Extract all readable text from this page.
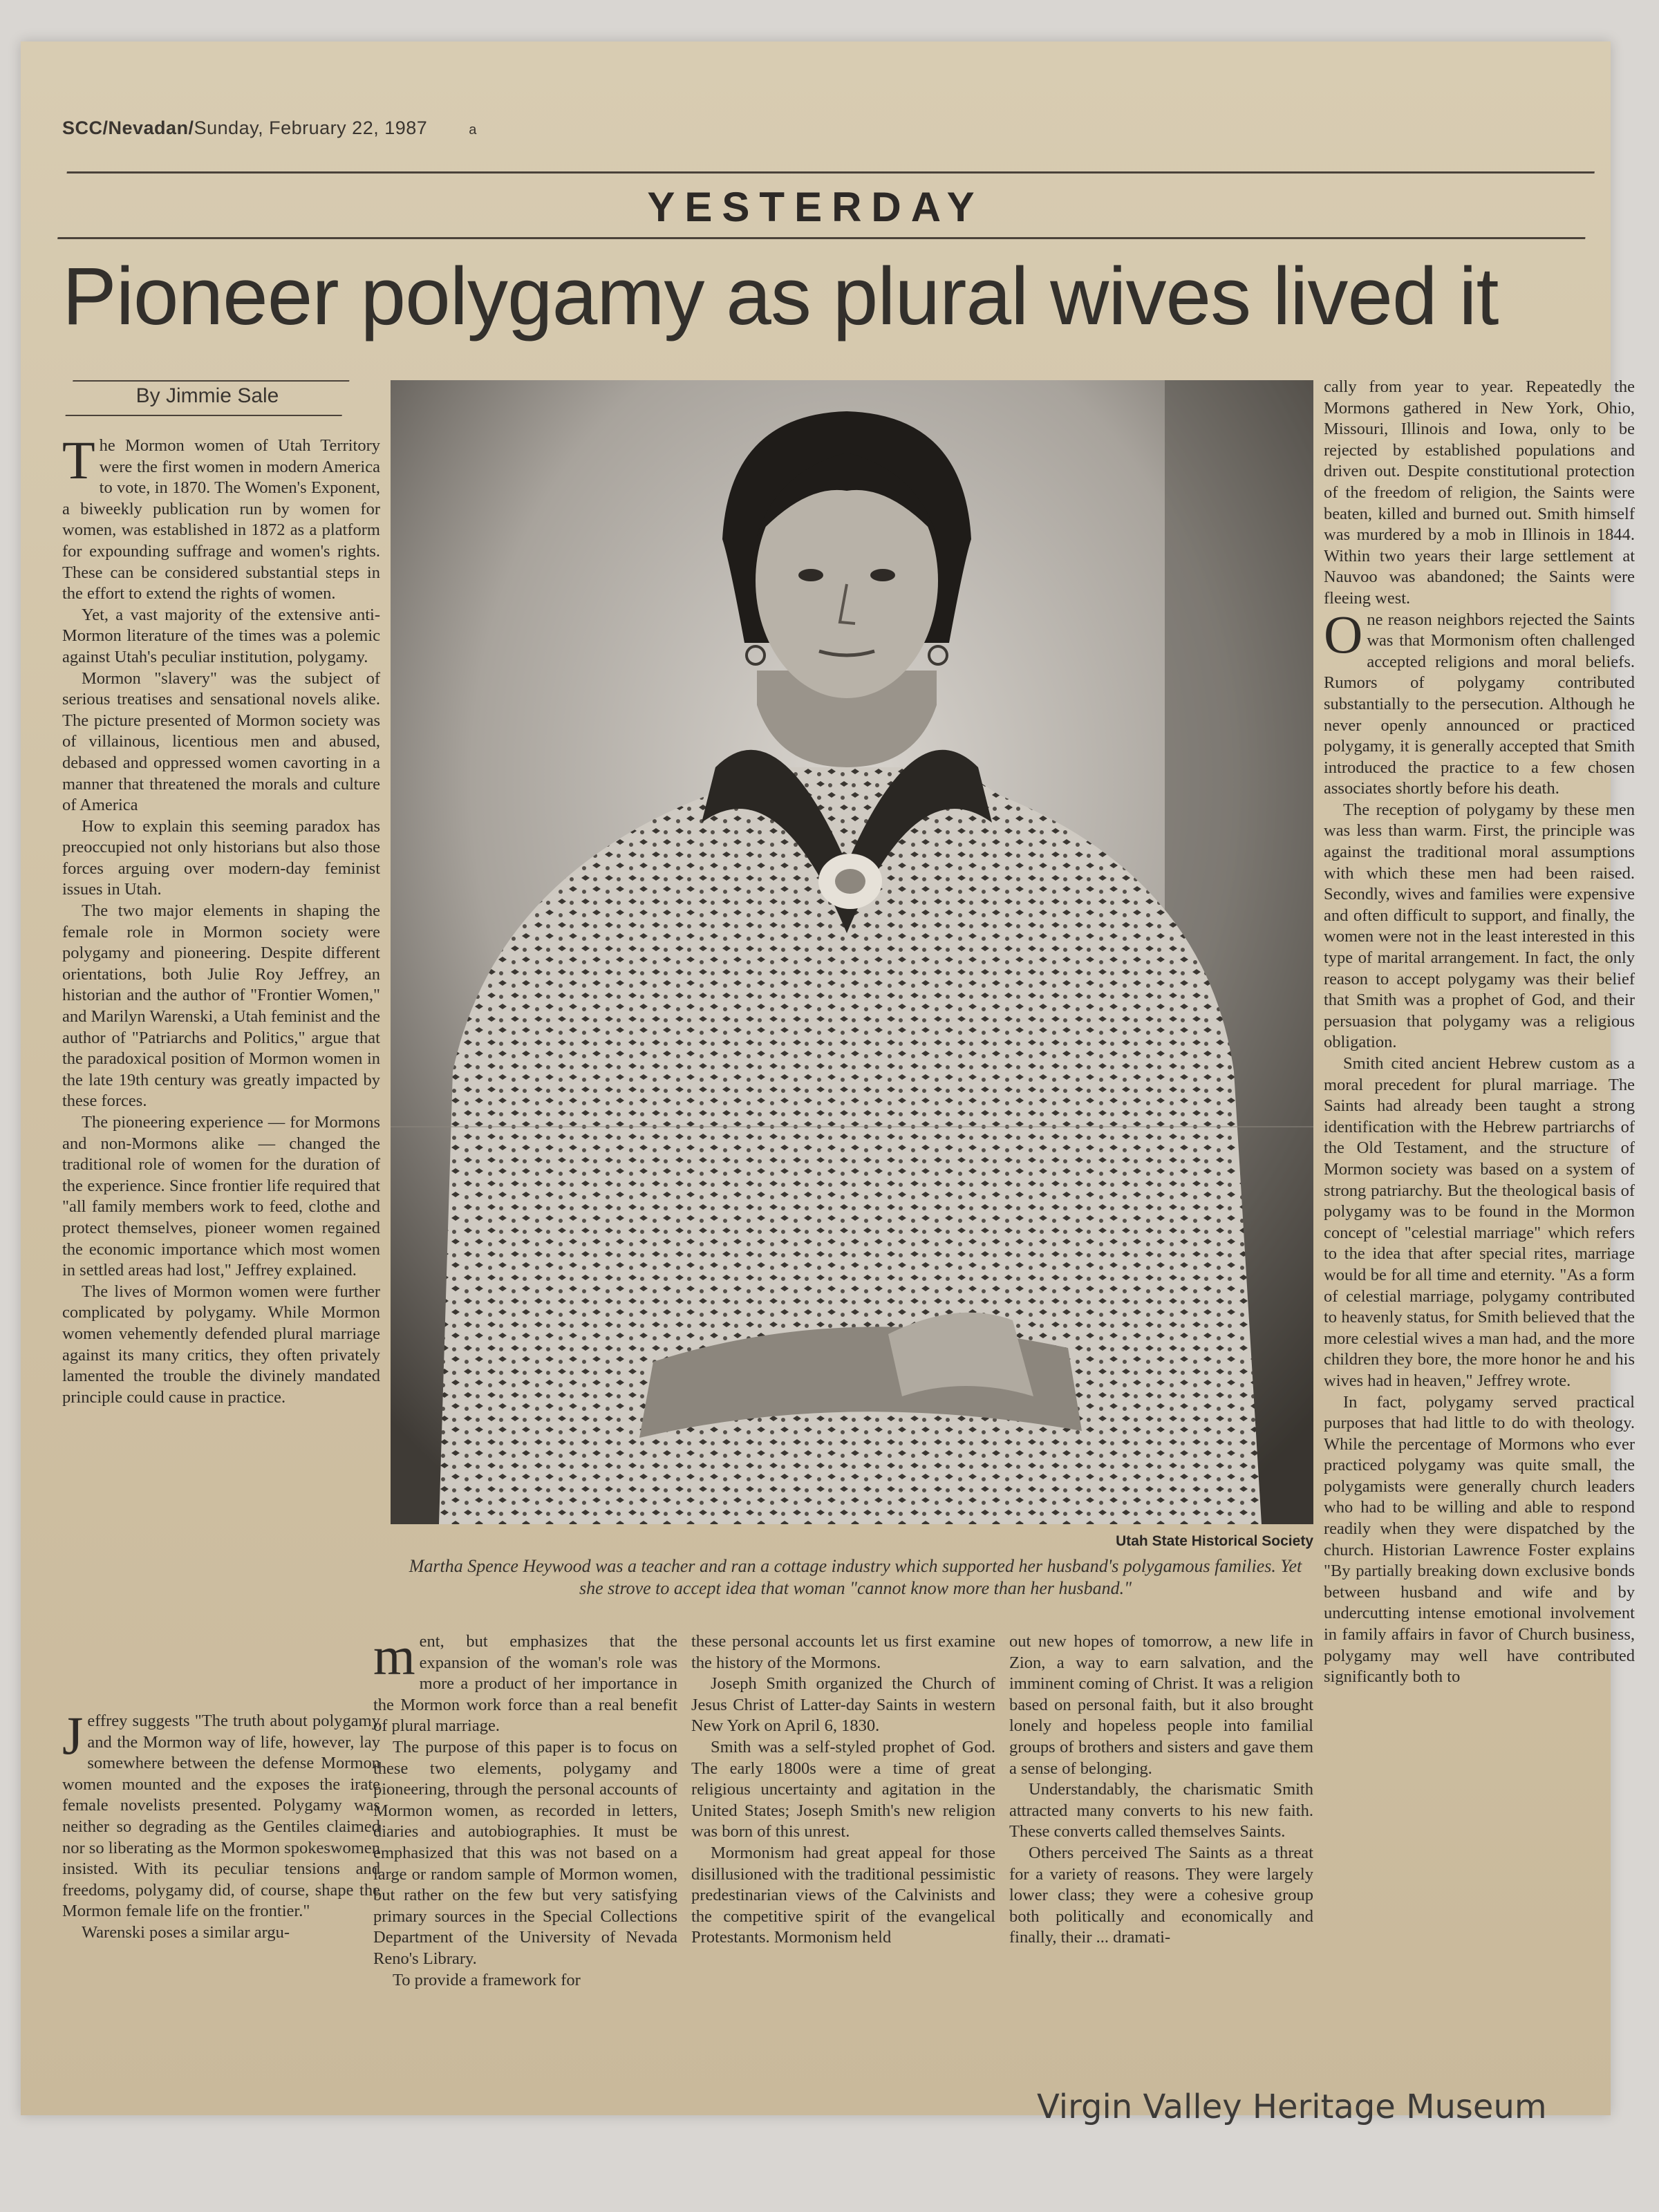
SCC/Nevadan/Sunday, February 22, 1987	a
YESTERDAY
Pioneer polygamy as plural wives lived it
By Jimmie Sale

The Mormon women of Utah Territory were the first women in modern America to vote, in 1870. The Women's Exponent, a biweekly publication run by women for women, was established in 1872 as a platform for expounding suffrage and women's rights. These can be considered substantial steps in the effort to extend the rights of women.

Yet, a vast majority of the extensive anti-Mormon literature of the times was a polemic against Utah's peculiar institution, polygamy.

Mormon "slavery" was the subject of serious treatises and sensational novels alike. The picture presented of Mormon society was of villainous, licentious men and abused, debased and oppressed women cavorting in a manner that threatened the morals and culture of America

How to explain this seeming paradox has preoccupied not only historians but also those forces arguing over modern-day feminist issues in Utah.

The two major elements in shaping the female role in Mormon society were polygamy and pioneering. Despite different orientations, both Julie Roy Jeffrey, an historian and the author of "Frontier Women," and Marilyn Warenski, a Utah feminist and the author of "Patriarchs and Politics," argue that the paradoxical position of Mormon women in the late 19th century was greatly impacted by these forces.

The pioneering experience — for Mormons and non-Mormons alike — changed the traditional role of women for the duration of the experience. Since frontier life required that "all family members work to feed, clothe and protect themselves, pioneer women regained the economic importance which most women in settled areas had lost," Jeffrey explained.

The lives of Mormon women were further complicated by polygamy. While Mormon women vehemently defended plural marriage against its many critics, they often privately lamented the trouble the divinely mandated principle could cause in practice.

Jeffrey suggests "The truth about polygamy and the Mormon way of life, however, lay somewhere between the defense Mormon women mounted and the exposes the irate female novelists presented. Polygamy was neither so degrading as the Gentiles claimed nor so liberating as the Mormon spokeswomen insisted. With its peculiar tensions and freedoms, polygamy did, of course, shape the Mormon female life on the frontier."

Warenski poses a similar argu-

Utah State Historical Society
Martha Spence Heywood was a teacher and ran a cottage industry which supported her husband's polygamous families. Yet she strove to accept idea that woman "cannot know more than her husband."

ment, but emphasizes that the expansion of the woman's role was more a product of her importance in the Mormon work force than a real benefit of plural marriage.

The purpose of this paper is to focus on these two elements, polygamy and pioneering, through the personal accounts of Mormon women, as recorded in letters, diaries and autobiographies. It must be emphasized that this was not based on a large or random sample of Mormon women, but rather on the few but very satisfying primary sources in the Special Collections Department of the University of Nevada Reno's Library.

To provide a framework for

these personal accounts let us first examine the history of the Mormons.

Joseph Smith organized the Church of Jesus Christ of Latter-day Saints in western New York on April 6, 1830.

Smith was a self-styled prophet of God. The early 1800s were a time of great religious uncertainty and agitation in the United States; Joseph Smith's new religion was born of this unrest.

Mormonism had great appeal for those disillusioned with the traditional pessimistic predestinarian views of the Calvinists and the competitive spirit of the evangelical Protestants. Mormonism held

out new hopes of tomorrow, a new life in Zion, a way to earn salvation, and the imminent coming of Christ. It was a religion based on personal faith, but it also brought lonely and hopeless people into familial groups of brothers and sisters and gave them a sense of belonging.

Understandably, the charismatic Smith attracted many converts to his new faith. These converts called themselves Saints.

Others perceived The Saints as a threat for a variety of reasons. They were largely lower class; they were a cohesive group both politically and economically and finally, their ... dramati-

cally from year to year. Repeatedly the Mormons gathered in New York, Ohio, Missouri, Illinois and Iowa, only to be rejected by established populations and driven out. Despite constitutional protection of the freedom of religion, the Saints were beaten, killed and burned out. Smith himself was murdered by a mob in Illinois in 1844. Within two years their large settlement at Nauvoo was abandoned; the Saints were fleeing west.

One reason neighbors rejected the Saints was that Mormonism often challenged accepted religions and moral beliefs. Rumors of polygamy contributed substantially to the persecution. Although he never openly announced or practiced polygamy, it is generally accepted that Smith introduced the practice to a few chosen associates shortly before his death.

The reception of polygamy by these men was less than warm. First, the principle was against the traditional moral assumptions with which these men had been raised. Secondly, wives and families were expensive and often difficult to support, and finally, the women were not in the least interested in this type of marital arrangement. In fact, the only reason to accept polygamy was their belief that Smith was a prophet of God, and their persuasion that polygamy was a religious obligation.

Smith cited ancient Hebrew custom as a moral precedent for plural marriage. The Saints had already been taught a strong identification with the Hebrew partriarchs of the Old Testament, and the structure of Mormon society was based on a system of strong patriarchy. But the theological basis of polygamy was to be found in the Mormon concept of "celestial marriage" which refers to the idea that after special rites, marriage would be for all time and eternity. "As a form of celestial marriage, polygamy contributed to heavenly status, for Smith believed that the more celestial wives a man had, and the more children they bore, the more honor he and his wives had in heaven," Jeffrey wrote.

In fact, polygamy served practical purposes that had little to do with theology. While the percentage of Mormons who ever practiced polygamy was quite small, the polygamists were generally church leaders who had to be willing and able to respond readily when they were dispatched by the church. Historian Lawrence Foster explains "By partially breaking down exclusive bonds between husband and wife and by undercutting intense emotional involvement in family affairs in favor of Church business, polygamy may well have contributed significantly both to

Virgin Valley Heritage Museum
